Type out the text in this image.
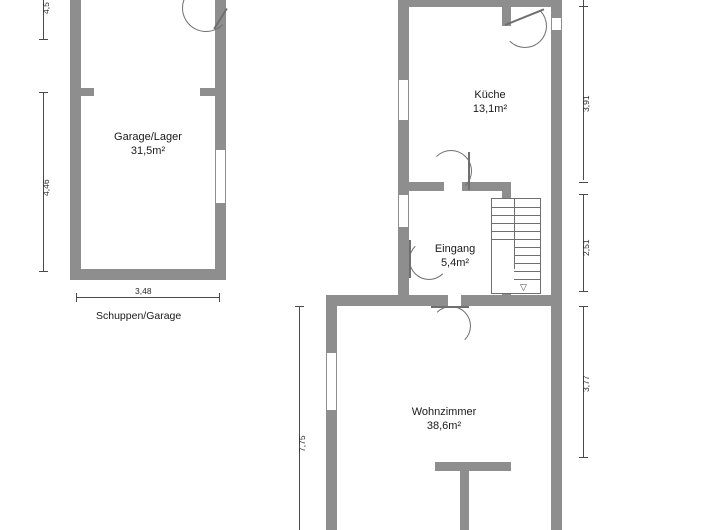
Garage/Lager
31,5m²
4,5
4,46
3,48
Schuppen/Garage
▽
Küche
13,1m²
Eingang
5,4m²
Wohnzimmer
38,6m²
3,91
2,51
3,77
7,75
